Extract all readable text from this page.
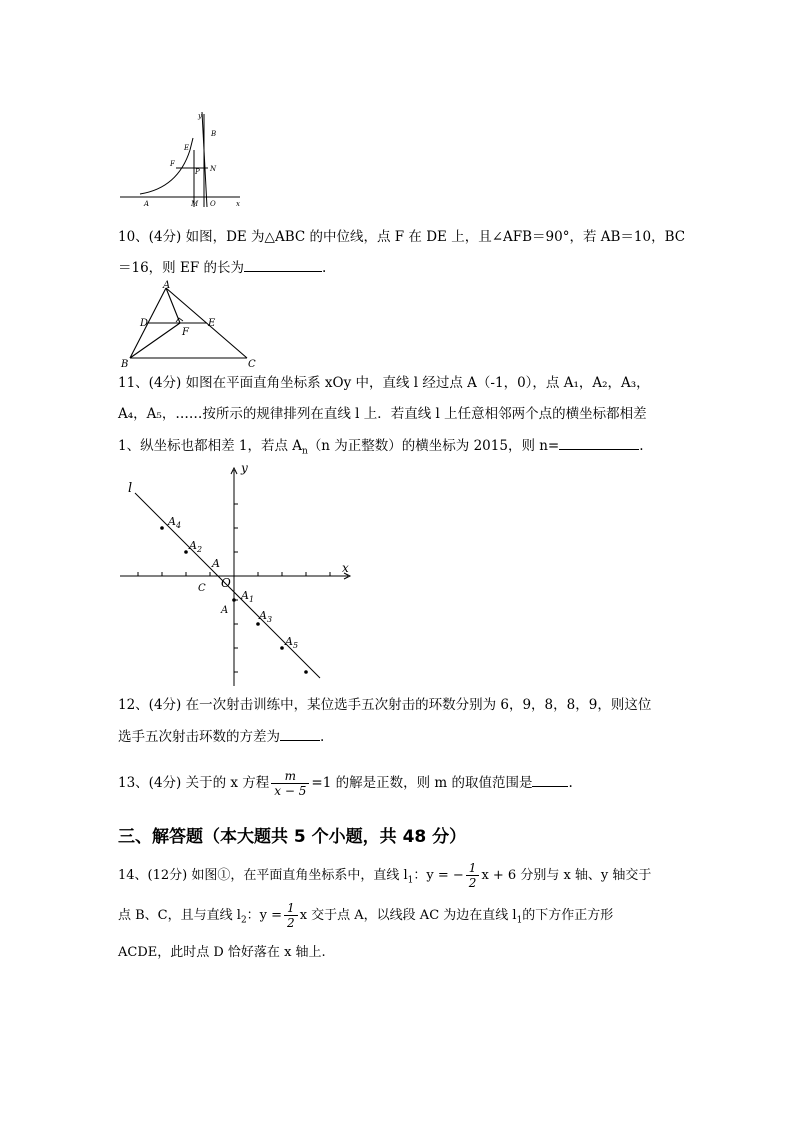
y
B
E
F
P N
A	M O	x
10、(4分) 如图，DE 为△ABC 的中位线，点 F 在 DE 上，且∠AFB＝90°，若 AB＝10，BC
＝16，则 EF 的长为	.
A
D	E
F
B	C
11、(4分) 如图在平面直角坐标系 xOy 中，直线 l 经过点 A（-1，0），点 A₁，A₂，A₃，
A₄，A₅，……按所示的规律排列在直线 l 上．若直线 l 上任意相邻两个点的横坐标都相差
1、纵坐标也都相差 1，若点 $A_n(n$ 为正整数）的横坐标为 2015，则 n=	.
y
x
l
O
C
A
A
$A_1$
$A_2$
$A_3$
$A_4$
$A_5$
12、(4分) 在一次射击训练中，某位选手五次射击的环数分别为 6，9，8，8，9，则这位
选手五次射击环数的方差为	.
13、(4分) 关于的 x 方程 $\frac{m}{x - 5} =1$ 的解是正数，则 m 的取值范围是	.
三、解答题（本大题共 5 个小题，共 48 分）
14、(12分) 如图①，在平面直角坐标系中，直线 $l_1$：y = − $\frac{1}{2}$ x + 6 分别与 x 轴、y 轴交于
点 B、C，且与直线 $l_2$：$y = \frac{1}{2}$ x 交于点 A，以线段 AC 为边在直线 $l_1$的下方作正方形
ACDE，此时点 D 恰好落在 x 轴上.
